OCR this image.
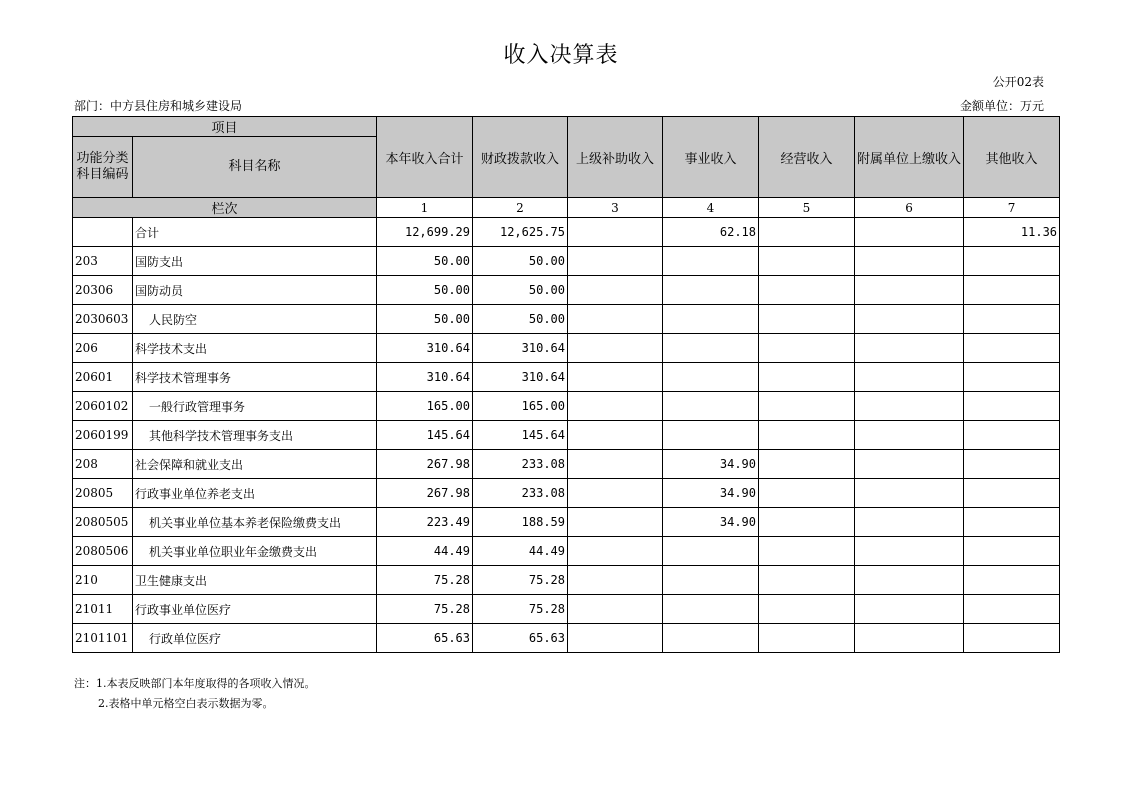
收入决算表
公开02表
部门：中方县住房和城乡建设局	金额单位：万元
项目		本年收入合计	财政拨款收入	上级补助收入	事业收入	经营收入	附属单位上缴收入	其他收入
功能分类科目编码	科目名称							
栏次		1	2	3	4	5	6	7
	合计	12,699.29	12,625.75		62.18			11.36
203	国防支出	50.00	50.00					
20306	国防动员	50.00	50.00					
2030603	人民防空	50.00	50.00					
206	科学技术支出	310.64	310.64					
20601	科学技术管理事务	310.64	310.64					
2060102	一般行政管理事务	165.00	165.00					
2060199	其他科学技术管理事务支出	145.64	145.64					
208	社会保障和就业支出	267.98	233.08		34.90			
20805	行政事业单位养老支出	267.98	233.08		34.90			
2080505	机关事业单位基本养老保险缴费支出	223.49	188.59		34.90			
2080506	机关事业单位职业年金缴费支出	44.49	44.49					
210	卫生健康支出	75.28	75.28					
21011	行政事业单位医疗	75.28	75.28					
2101101	行政单位医疗	65.63	65.63					
注：1.本表反映部门本年度取得的各项收入情况。
2.表格中单元格空白表示数据为零。
